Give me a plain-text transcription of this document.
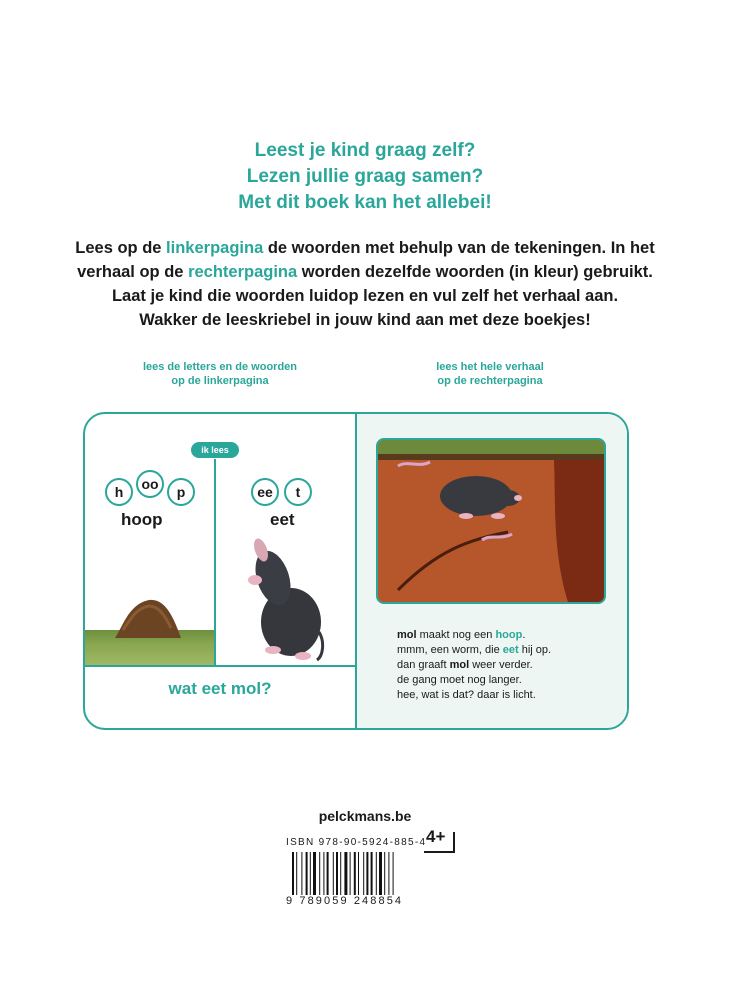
Leest je kind graag zelf?
Lezen jullie graag samen?
Met dit boek kan het allebei!
Lees op de linkerpagina de woorden met behulp van de tekeningen. In het
verhaal op de rechterpagina worden dezelfde woorden (in kleur) gebruikt.
Laat je kind die woorden luidop lezen en vul zelf het verhaal aan.
Wakker de leeskriebel in jouw kind aan met deze boekjes!
lees de letters en de woorden
op de linkerpagina
lees het hele verhaal
op de rechterpagina
ik lees
h	oo	p
hoop
ee	t
eet
wat eet mol?
mol maakt nog een hoop.
mmm, een worm, die eet hij op.
dan graaft mol weer verder.
de gang moet nog langer.
hee, wat is dat? daar is licht.
pelckmans.be
ISBN 978-90-5924-885-4 4+
9 789059 248854
